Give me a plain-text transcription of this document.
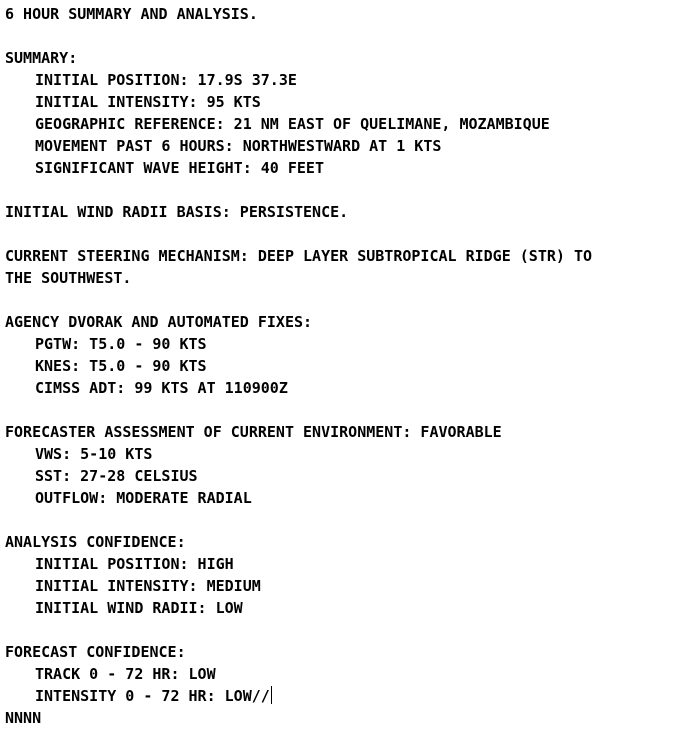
6 HOUR SUMMARY AND ANALYSIS.
SUMMARY:
INITIAL POSITION: 17.9S 37.3E
INITIAL INTENSITY: 95 KTS
GEOGRAPHIC REFERENCE: 21 NM EAST OF QUELIMANE, MOZAMBIQUE
MOVEMENT PAST 6 HOURS: NORTHWESTWARD AT 1 KTS
SIGNIFICANT WAVE HEIGHT: 40 FEET
INITIAL WIND RADII BASIS: PERSISTENCE.
CURRENT STEERING MECHANISM: DEEP LAYER SUBTROPICAL RIDGE (STR) TO
THE SOUTHWEST.
AGENCY DVORAK AND AUTOMATED FIXES:
PGTW: T5.0 - 90 KTS
KNES: T5.0 - 90 KTS
CIMSS ADT: 99 KTS AT 110900Z
FORECASTER ASSESSMENT OF CURRENT ENVIRONMENT: FAVORABLE
VWS: 5-10 KTS
SST: 27-28 CELSIUS
OUTFLOW: MODERATE RADIAL
ANALYSIS CONFIDENCE:
INITIAL POSITION: HIGH
INITIAL INTENSITY: MEDIUM
INITIAL WIND RADII: LOW
FORECAST CONFIDENCE:
TRACK 0 - 72 HR: LOW
INTENSITY 0 - 72 HR: LOW//
NNNN
